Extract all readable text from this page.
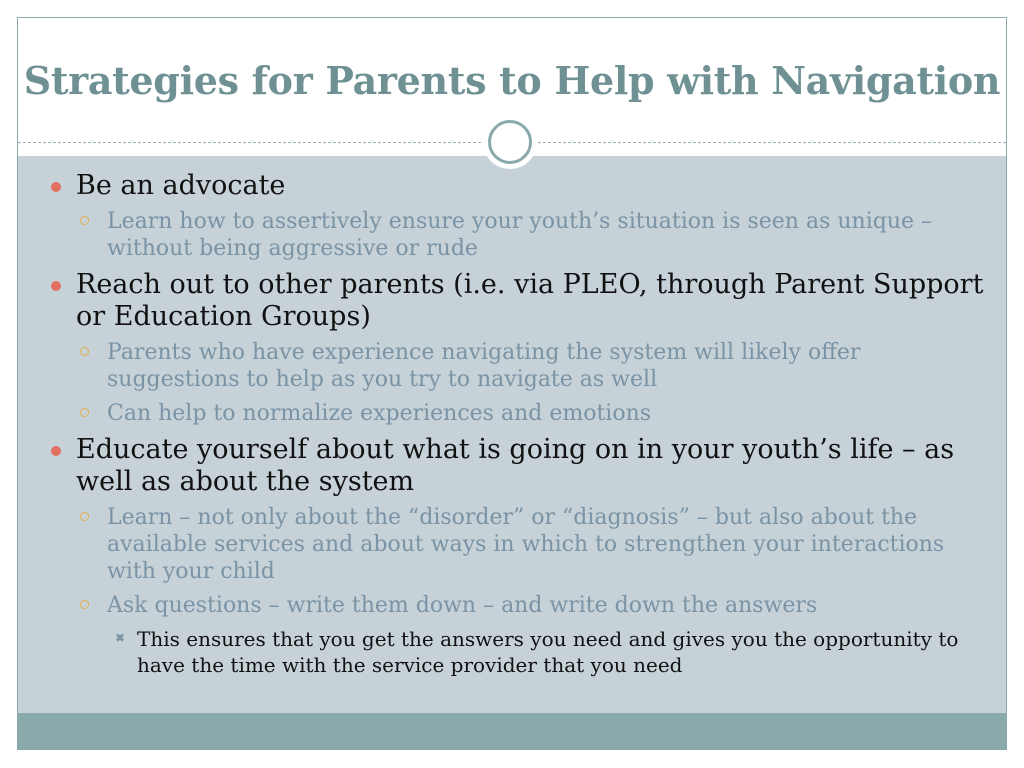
Strategies for Parents to Help with Navigation
Be an advocate
Learn how to assertively ensure your youth’s situation is seen as unique – without being aggressive or rude
Reach out to other parents (i.e. via PLEO, through Parent Support or Education Groups)
Parents who have experience navigating the system will likely offer suggestions to help as you try to navigate as well
Can help to normalize experiences and emotions
Educate yourself about what is going on in your youth’s life – as well as about the system
Learn – not only about the “disorder” or “diagnosis” – but also about the available services and about ways in which to strengthen your interactions with your child
Ask questions – write them down – and write down the answers
✖ This ensures that you get the answers you need and gives you the opportunity to have the time with the service provider that you need
